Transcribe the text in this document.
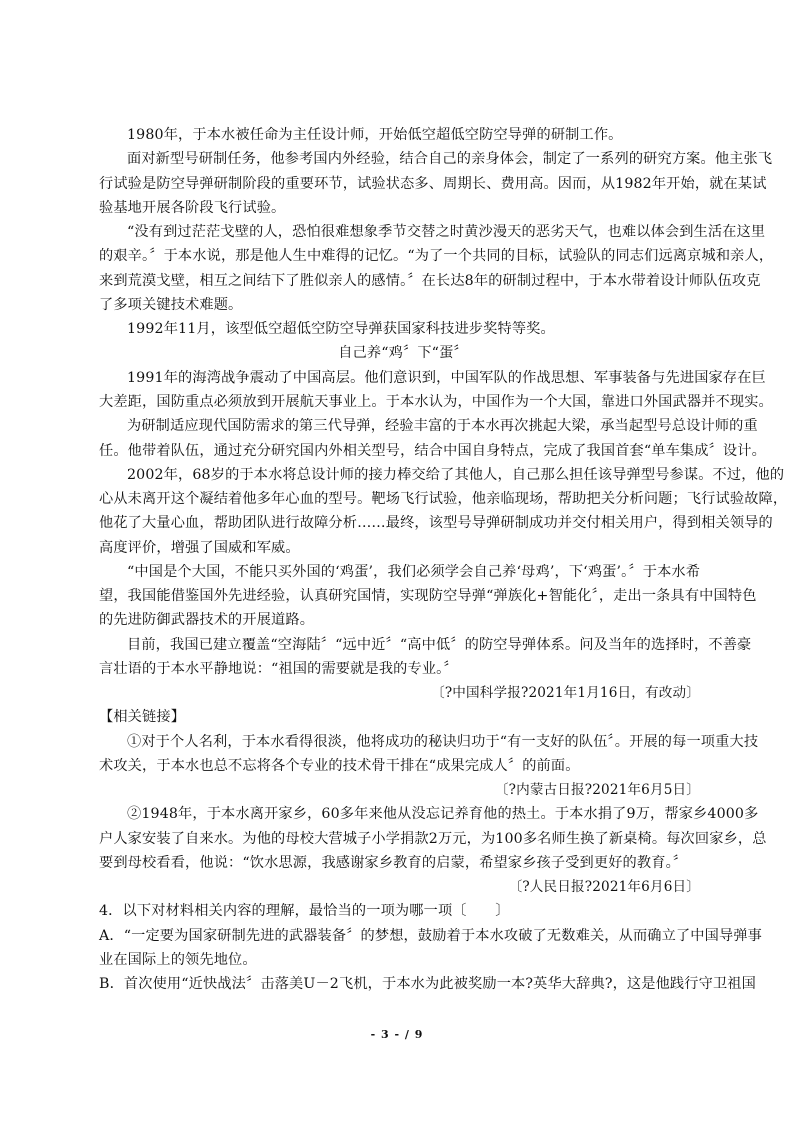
1980年，于本水被任命为主任设计师，开始低空超低空防空导弹的研制工作。
面对新型号研制任务，他参考国内外经验，结合自己的亲身体会，制定了一系列的研究方案。他主张飞
行试验是防空导弹研制阶段的重要环节，试验状态多、周期长、费用高。因而，从1982年开始，就在某试
验基地开展各阶段飞行试验。
“没有到过茫茫戈壁的人，恐怕很难想象季节交替之时黄沙漫天的恶劣天气，也难以体会到生活在这里
的艰辛。〞于本水说，那是他人生中难得的记忆。“为了一个共同的目标，试验队的同志们远离京城和亲人，
来到荒漠戈壁，相互之间结下了胜似亲人的感情。〞在长达8年的研制过程中，于本水带着设计师队伍攻克
了多项关键技术难题。
1992年11月，该型低空超低空防空导弹获国家科技进步奖特等奖。
自己养“鸡〞下“蛋〞
1991年的海湾战争震动了中国高层。他们意识到，中国军队的作战思想、军事装备与先进国家存在巨
大差距，国防重点必须放到开展航天事业上。于本水认为，中国作为一个大国，靠进口外国武器并不现实。
为研制适应现代国防需求的第三代导弹，经验丰富的于本水再次挑起大梁，承当起型号总设计师的重
任。他带着队伍，通过充分研究国内外相关型号，结合中国自身特点，完成了我国首套“单车集成〞设计。
2002年，68岁的于本水将总设计师的接力棒交给了其他人，自己那么担任该导弹型号参谋。不过，他的
心从未离开这个凝结着他多年心血的型号。靶场飞行试验，他亲临现场，帮助把关分析问题；飞行试验故障，
他花了大量心血，帮助团队进行故障分析……最终，该型号导弹研制成功并交付相关用户，得到相关领导的
高度评价，增强了国威和军威。
“中国是个大国，不能只买外国的‘鸡蛋’，我们必须学会自己养‘母鸡’，下‘鸡蛋’。〞于本水希
望，我国能借鉴国外先进经验，认真研究国情，实现防空导弹“弹族化+智能化〞，走出一条具有中国特色
的先进防御武器技术的开展道路。
目前，我国已建立覆盖“空海陆〞“远中近〞“高中低〞的防空导弹体系。问及当年的选择时，不善豪
言壮语的于本水平静地说：“祖国的需要就是我的专业。〞
〔?中国科学报?2021年1月16日，有改动〕
【相关链接】
①对于个人名利，于本水看得很淡，他将成功的秘诀归功于“有一支好的队伍〞。开展的每一项重大技
术攻关，于本水也总不忘将各个专业的技术骨干排在“成果完成人〞的前面。
〔?内蒙古日报?2021年6月5日〕
②1948年，于本水离开家乡，60多年来他从没忘记养育他的热土。于本水捐了9万，帮家乡4000多
户人家安装了自来水。为他的母校大营城子小学捐款2万元，为100多名师生换了新桌椅。每次回家乡，总
要到母校看看，他说：“饮水思源，我感谢家乡教育的启蒙，希望家乡孩子受到更好的教育。〞
〔?人民日报?2021年6月6日〕
4．以下对材料相关内容的理解，最恰当的一项为哪一项〔　　〕
A．“一定要为国家研制先进的武器装备〞的梦想，鼓励着于本水攻破了无数难关，从而确立了中国导弹事
业在国际上的领先地位。
B．首次使用“近快战法〞击落美U－2飞机，于本水为此被奖励一本?英华大辞典?，这是他践行守卫祖国
- 3 - / 9
